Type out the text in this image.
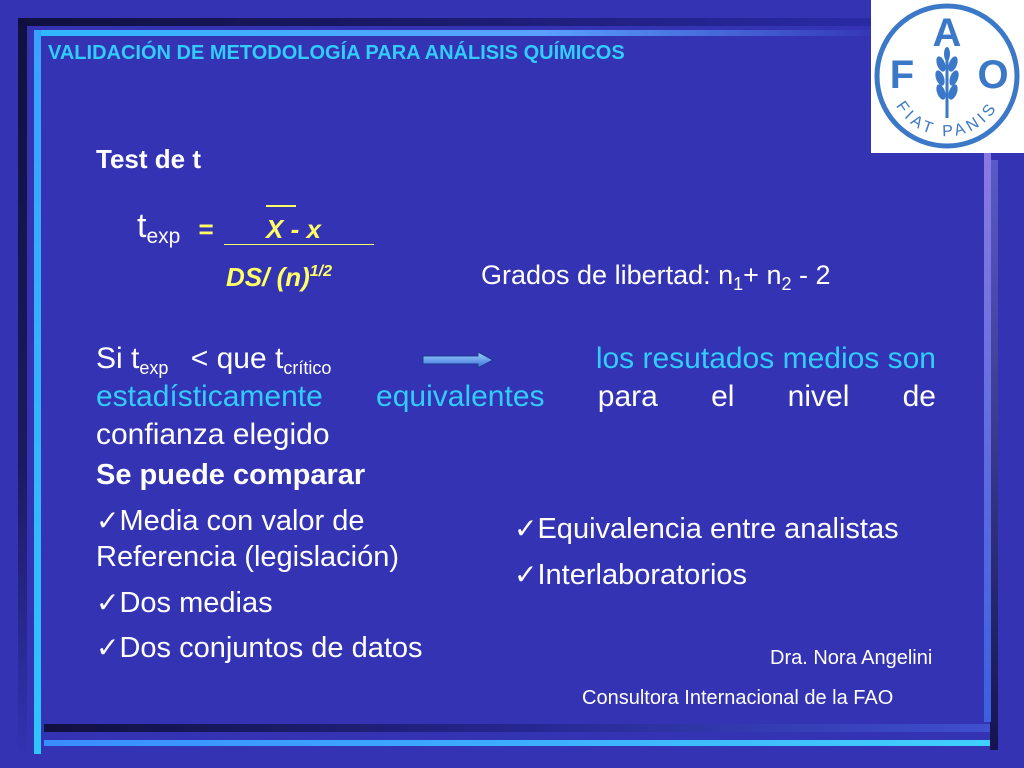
VALIDACIÓN DE METODOLOGÍA PARA ANÁLISIS QUÍMICOS	F
A
O
FIAT PANIS
Test de t
$t_{exp} = X - x$
DS/ $(n)^{1/2}$	Grados de libertad: $n_1+ n_2 - 2$
Si $t_{exp}$ < que $t_{crítico}$	los resutados medios son
estadísticamente equivalentes para el nivel de
confianza elegido
Se puede comparar
✓Media con valor de
Referencia (legislación)
✓Dos medias
✓Dos conjuntos de datos
✓Equivalencia entre analistas
✓Interlaboratorios
Dra. Nora Angelini
Consultora Internacional de la FAO
